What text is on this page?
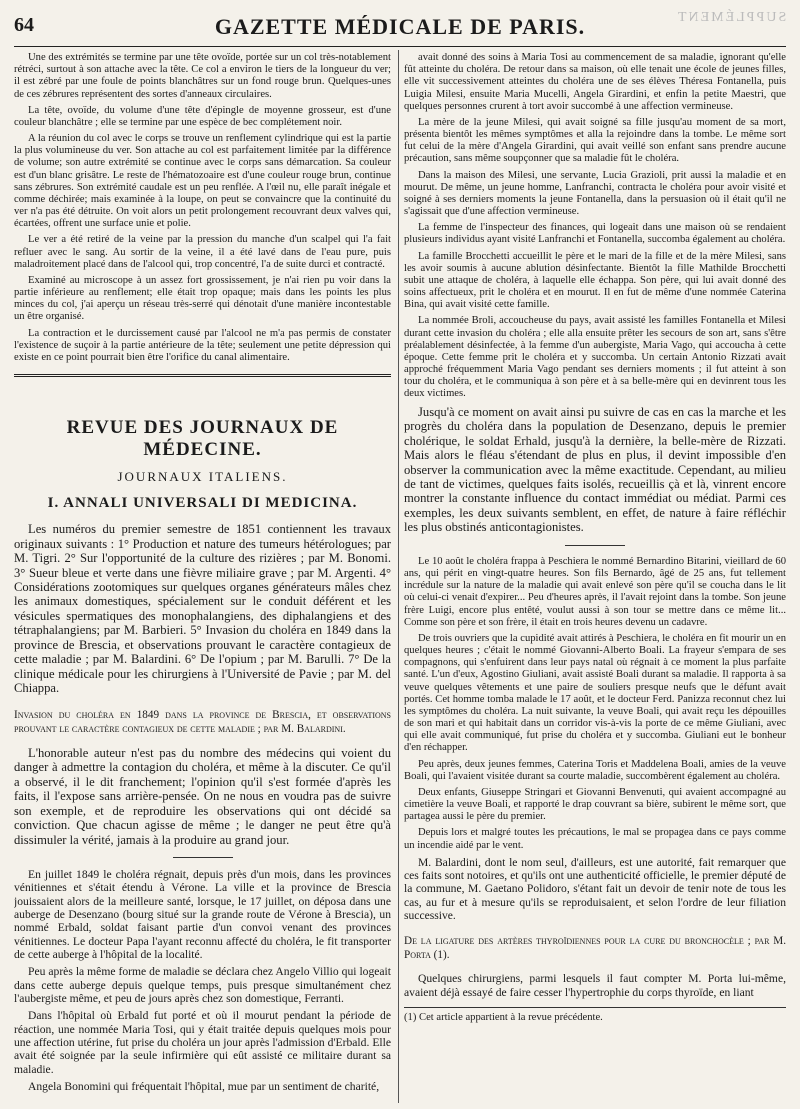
64	GAZETTE MÉDICALE DE PARIS.	SUPPLÉMENT

Une des extrémités se termine par une tête ovoïde, portée sur un col très-notablement rétréci, surtout à son attache avec la tête. Ce col a environ le tiers de la longueur du ver; il est zébré par une foule de points blanchâtres sur un fond rouge brun. Quelques-unes de ces zébrures représentent des sortes d'anneaux circulaires.

La tête, ovoïde, du volume d'une tête d'épingle de moyenne grosseur, est d'une couleur blanchâtre ; elle se termine par une espèce de bec complétement noir.

A la réunion du col avec le corps se trouve un renflement cylindrique qui est la partie la plus volumineuse du ver. Son attache au col est parfaitement limitée par la différence de volume; son autre extrémité se continue avec le corps sans démarcation. Sa couleur est d'un blanc grisâtre. Le reste de l'hématozoaire est d'une couleur rouge brun, continue sans zébrures. Son extrémité caudale est un peu renflée. A l'œil nu, elle paraît inégale et comme déchirée; mais examinée à la loupe, on peut se convaincre que la continuité du ver n'a pas été détruite. On voit alors un petit prolongement recouvrant deux valves qui, écartées, offrent une surface unie et polie.

Le ver a été retiré de la veine par la pression du manche d'un scalpel qui l'a fait refluer avec le sang. Au sortir de la veine, il a été lavé dans de l'eau pure, puis maladroitement placé dans de l'alcool qui, trop concentré, l'a de suite durci et contracté.

Examiné au microscope à un assez fort grossissement, je n'ai rien pu voir dans la partie inférieure au renflement; elle était trop opaque; mais dans les points les plus minces du col, j'ai aperçu un réseau très-serré qui dénotait d'une manière incontestable un être organisé.

La contraction et le durcissement causé par l'alcool ne m'a pas permis de constater l'existence de suçoir à la partie antérieure de la tête; seulement une petite dépression qui existe en ce point pourrait bien être l'orifice du canal alimentaire.

REVUE DES JOURNAUX DE MÉDECINE.
JOURNAUX ITALIENS.
I. ANNALI UNIVERSALI DI MEDICINA.

Les numéros du premier semestre de 1851 contiennent les travaux originaux suivants : 1° Production et nature des tumeurs hétérologues; par M. Tigri. 2° Sur l'opportunité de la culture des rizières ; par M. Bonomi. 3° Sueur bleue et verte dans une fièvre miliaire grave ; par M. Argenti. 4° Considérations zootomiques sur quelques organes générateurs mâles chez les animaux domestiques, spécialement sur le conduit déférent et les vésicules spermatiques des monophalangiens, des diphalangiens et des tétraphalangiens; par M. Barbieri. 5° Invasion du choléra en 1849 dans la province de Brescia, et observations prouvant le caractère contagieux de cette maladie ; par M. Balardini. 6° De l'opium ; par M. Barulli. 7° De la clinique médicale pour les chirurgiens à l'Université de Pavie ; par M. del Chiappa.

Invasion du choléra en 1849 dans la province de Brescia, et observations prouvant le caractère contagieux de cette maladie ; par M. Balardini.

L'honorable auteur n'est pas du nombre des médecins qui voient du danger à admettre la contagion du choléra, et même à la discuter. Ce qu'il a observé, il le dit franchement; l'opinion qu'il s'est formée d'après les faits, il l'expose sans arrière-pensée. On ne nous en voudra pas de suivre son exemple, et de reproduire les observations qui ont décidé sa conviction. Que chacun agisse de même ; le danger ne peut être qu'à dissimuler la vérité, jamais à la produire au grand jour.

En juillet 1849 le choléra régnait, depuis près d'un mois, dans les provinces vénitiennes et s'était étendu à Vérone. La ville et la province de Brescia jouissaient alors de la meilleure santé, lorsque, le 17 juillet, on déposa dans une auberge de Desenzano (bourg situé sur la grande route de Vérone à Brescia), un nommé Erbald, soldat faisant partie d'un convoi venant des provinces vénitiennes. Le docteur Papa l'ayant reconnu affecté du choléra, le fit transporter de cette auberge à l'hôpital de la localité.

Peu après la même forme de maladie se déclara chez Angelo Villio qui logeait dans cette auberge depuis quelque temps, puis presque simultanément chez l'aubergiste même, et peu de jours après chez son domestique, Ferranti.

Dans l'hôpital où Erbald fut porté et où il mourut pendant la période de réaction, une nommée Maria Tosi, qui y était traitée depuis quelques mois pour une affection utérine, fut prise du choléra un jour après l'admission d'Erbald. Elle avait été soignée par la seule infirmière qui eût assisté ce militaire durant sa maladie.

Angela Bonomini qui fréquentait l'hôpital, mue par un sentiment de charité,

avait donné des soins à Maria Tosi au commencement de sa maladie, ignorant qu'elle fût atteinte du choléra. De retour dans sa maison, où elle tenait une école de jeunes filles, elle vit successivement atteintes du choléra une de ses élèves Théresa Fontanella, puis Luigia Milesi, ensuite Maria Mucelli, Angela Girardini, et enfin la petite Maestri, que quelques personnes crurent à tort avoir succombé à une affection vermineuse.

La mère de la jeune Milesi, qui avait soigné sa fille jusqu'au moment de sa mort, présenta bientôt les mêmes symptômes et alla la rejoindre dans la tombe. Le même sort fut celui de la mère d'Angela Girardini, qui avait veillé son enfant sans prendre aucune précaution, sans même soupçonner que sa maladie fût le choléra.

Dans la maison des Milesi, une servante, Lucia Grazioli, prit aussi la maladie et en mourut. De même, un jeune homme, Lanfranchi, contracta le choléra pour avoir visité et soigné à ses derniers moments la jeune Fontanella, dans la persuasion où il était qu'il ne s'agissait que d'une affection vermineuse.

La femme de l'inspecteur des finances, qui logeait dans une maison où se rendaient plusieurs individus ayant visité Lanfranchi et Fontanella, succomba également au choléra.

La famille Brocchetti accueillit le père et le mari de la fille et de la mère Milesi, sans les avoir soumis à aucune ablution désinfectante. Bientôt la fille Mathilde Brocchetti subit une attaque de choléra, à laquelle elle échappa. Son père, qui lui avait donné des soins affectueux, prit le choléra et en mourut. Il en fut de même d'une nommée Caterina Bina, qui avait visité cette famille.

La nommée Broli, accoucheuse du pays, avait assisté les familles Fontanella et Milesi durant cette invasion du choléra ; elle alla ensuite prêter les secours de son art, sans s'être préalablement désinfectée, à la femme d'un aubergiste, Maria Vago, qui accoucha à cette époque. Cette femme prit le choléra et y succomba. Un certain Antonio Rizzati avait approché fréquemment Maria Vago pendant ses derniers moments ; il fut atteint à son tour du choléra, et le communiqua à son père et à sa belle-mère qui en devinrent tous les deux victimes.

Jusqu'à ce moment on avait ainsi pu suivre de cas en cas la marche et les progrès du choléra dans la population de Desenzano, depuis le premier cholérique, le soldat Erhald, jusqu'à la dernière, la belle-mère de Rizzati. Mais alors le fléau s'étendant de plus en plus, il devint impossible d'en observer la communication avec la même exactitude. Cependant, au milieu de tant de victimes, quelques faits isolés, recueillis çà et là, vinrent encore montrer la constante influence du contact immédiat ou médiat. Parmi ces exemples, les deux suivants semblent, en effet, de nature à faire réfléchir les plus obstinés anticontagionistes.

Le 10 août le choléra frappa à Peschiera le nommé Bernardino Bitarini, vieillard de 60 ans, qui périt en vingt-quatre heures. Son fils Bernardo, âgé de 25 ans, fut tellement incrédule sur la nature de la maladie qui avait enlevé son père qu'il se coucha dans le lit où celui-ci venait d'expirer... Peu d'heures après, il l'avait rejoint dans la tombe. Son jeune frère Luigi, encore plus entêté, voulut aussi à son tour se mettre dans ce même lit... Comme son père et son frère, il était en trois heures devenu un cadavre.

De trois ouvriers que la cupidité avait attirés à Peschiera, le choléra en fit mourir un en quelques heures ; c'était le nommé Giovanni-Alberto Boali. La frayeur s'empara de ses compagnons, qui s'enfuirent dans leur pays natal où régnait à ce moment la plus parfaite santé. L'un d'eux, Agostino Giuliani, avait assisté Boali durant sa maladie. Il rapporta à sa veuve quelques vêtements et une paire de souliers presque neufs que le défunt avait portés. Cet homme tomba malade le 17 août, et le docteur Ferd. Panizza reconnut chez lui les symptômes du choléra. La nuit suivante, la veuve Boali, qui avait reçu les dépouilles de son mari et qui habitait dans un corridor vis-à-vis la porte de ce même Giuliani, avec qui elle avait communiqué, fut prise du choléra et y succomba. Giuliani eut le bonheur d'en réchapper.

Peu après, deux jeunes femmes, Caterina Toris et Maddelena Boali, amies de la veuve Boali, qui l'avaient visitée durant sa courte maladie, succombèrent également au choléra.

Deux enfants, Giuseppe Stringari et Giovanni Benvenuti, qui avaient accompagné au cimetière la veuve Boali, et rapporté le drap couvrant sa bière, subirent le même sort, que partagea aussi le père du premier.

Depuis lors et malgré toutes les précautions, le mal se propagea dans ce pays comme un incendie aidé par le vent.

M. Balardini, dont le nom seul, d'ailleurs, est une autorité, fait remarquer que ces faits sont notoires, et qu'ils ont une authenticité officielle, le premier député de la commune, M. Gaetano Polidoro, s'étant fait un devoir de tenir note de tous les cas, au fur et à mesure qu'ils se reproduisaient, et selon l'ordre de leur filiation successive.

De la ligature des artères thyroïdiennes pour la cure du bronchocèle ; par M. Porta (1).

Quelques chirurgiens, parmi lesquels il faut compter M. Porta lui-même, avaient déjà essayé de faire cesser l'hypertrophie du corps thyroïde, en liant

(1) Cet article appartient à la revue précédente.
